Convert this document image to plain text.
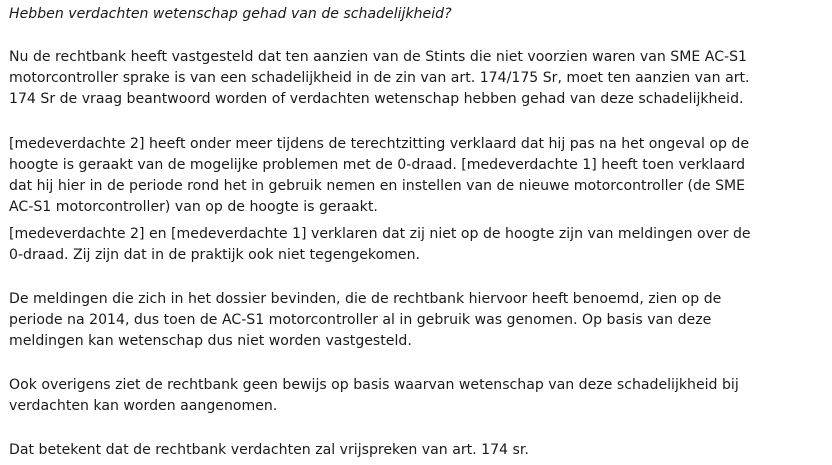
Hebben verdachten wetenschap gehad van de schadelijkheid?

Nu de rechtbank heeft vastgesteld dat ten aanzien van de Stints die niet voorzien waren van SME AC-S1

motorcontroller sprake is van een schadelijkheid in de zin van art. 174/175 Sr, moet ten aanzien van art.

174 Sr de vraag beantwoord worden of verdachten wetenschap hebben gehad van deze schadelijkheid.

[medeverdachte 2] heeft onder meer tijdens de terechtzitting verklaard dat hij pas na het ongeval op de

hoogte is geraakt van de mogelijke problemen met de 0-draad. [medeverdachte 1] heeft toen verklaard

dat hij hier in de periode rond het in gebruik nemen en instellen van de nieuwe motorcontroller (de SME

AC-S1 motorcontroller) van op de hoogte is geraakt.

[medeverdachte 2] en [medeverdachte 1] verklaren dat zij niet op de hoogte zijn van meldingen over de

0-draad. Zij zijn dat in de praktijk ook niet tegengekomen.

De meldingen die zich in het dossier bevinden, die de rechtbank hiervoor heeft benoemd, zien op de

periode na 2014, dus toen de AC-S1 motorcontroller al in gebruik was genomen. Op basis van deze

meldingen kan wetenschap dus niet worden vastgesteld.

Ook overigens ziet de rechtbank geen bewijs op basis waarvan wetenschap van deze schadelijkheid bij

verdachten kan worden aangenomen.

Dat betekent dat de rechtbank verdachten zal vrijspreken van art. 174 sr.
